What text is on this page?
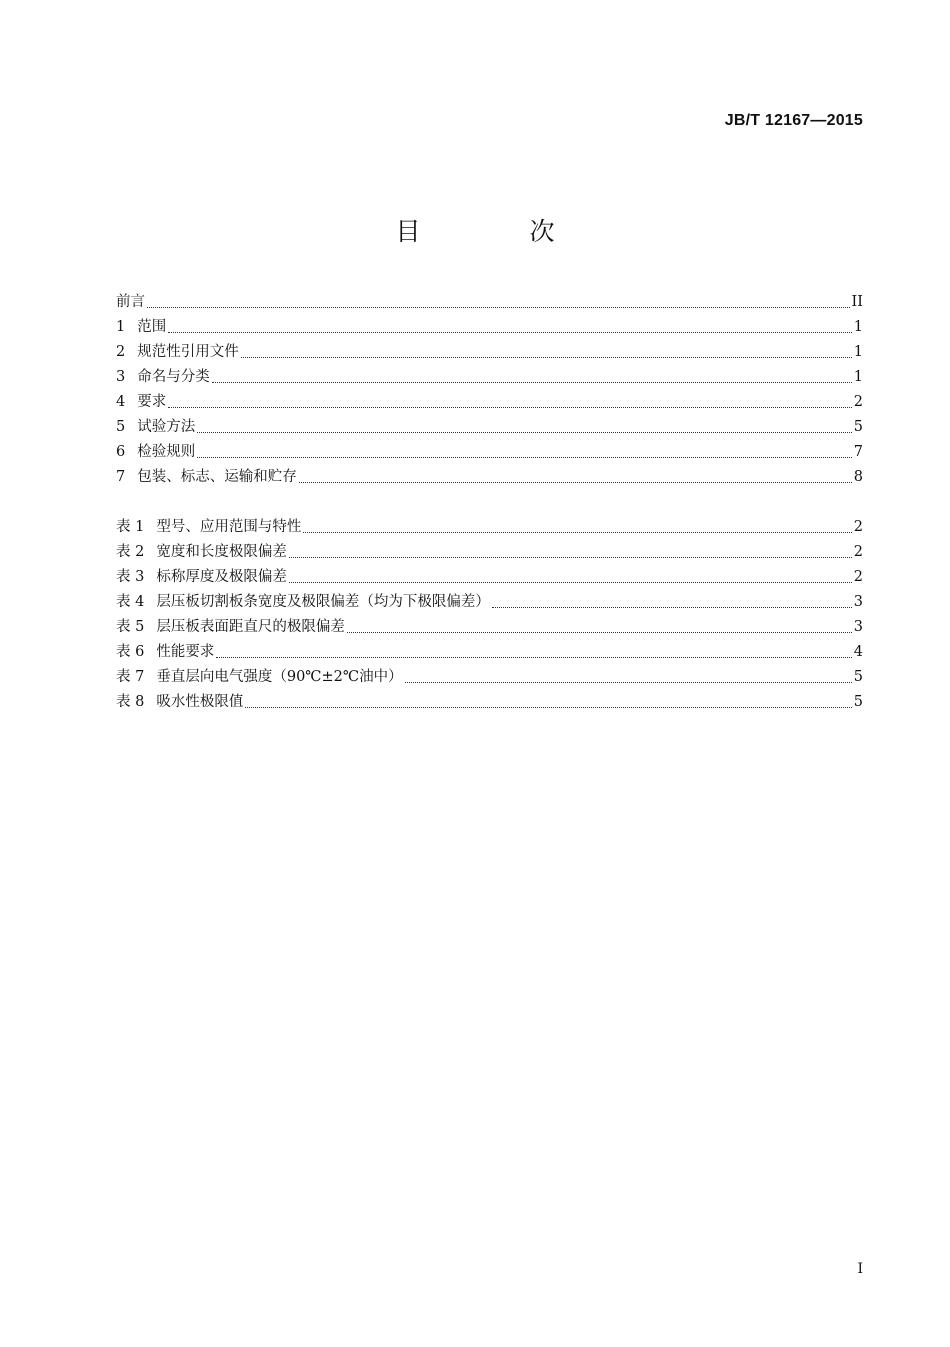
JB/T 12167—2015
目　次
前言	II
1 范围	1
2 规范性引用文件	1
3 命名与分类	1
4 要求	2
5 试验方法	5
6 检验规则	7
7 包装、标志、运输和贮存	8
表 1 型号、应用范围与特性	2
表 2 宽度和长度极限偏差	2
表 3 标称厚度及极限偏差	2
表 4 层压板切割板条宽度及极限偏差（均为下极限偏差）	3
表 5 层压板表面距直尺的极限偏差	3
表 6 性能要求	4
表 7 垂直层向电气强度（90℃±2℃油中）	5
表 8 吸水性极限值	5
I
